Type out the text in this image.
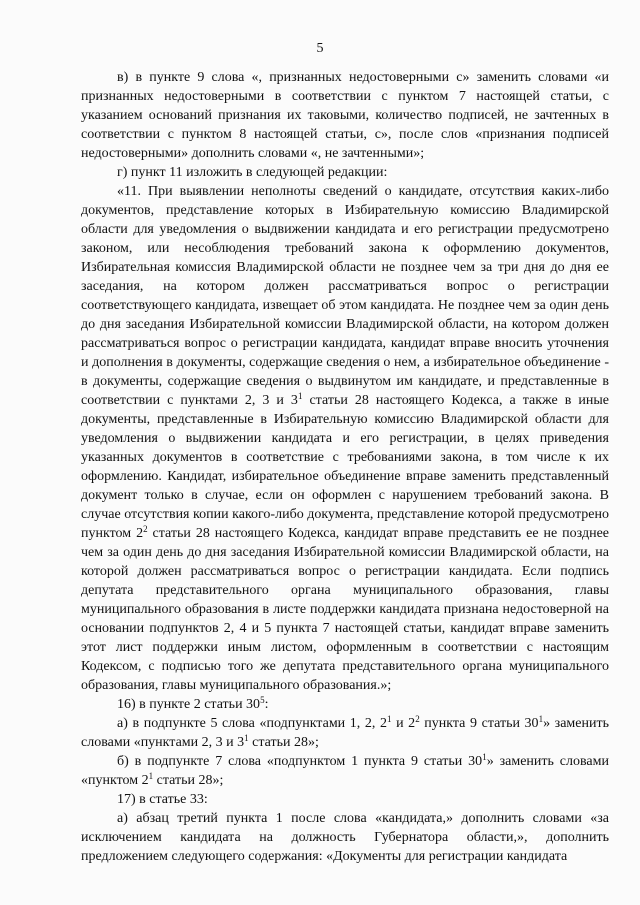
5

в) в пункте 9 слова «, признанных недостоверными с» заменить словами «и признанных недостоверными в соответствии с пунктом 7 настоящей статьи, с указанием оснований признания их таковыми, количество подписей, не зачтенных в соответствии с пунктом 8 настоящей статьи, с», после слов «признания подписей недостоверными» дополнить словами «, не зачтенными»;

г) пункт 11 изложить в следующей редакции:

«11. При выявлении неполноты сведений о кандидате, отсутствия каких-либо документов, представление которых в Избирательную комиссию Владимирской области для уведомления о выдвижении кандидата и его регистрации предусмотрено законом, или несоблюдения требований закона к оформлению документов, Избирательная комиссия Владимирской области не позднее чем за три дня до дня ее заседания, на котором должен рассматриваться вопрос о регистрации соответствующего кандидата, извещает об этом кандидата. Не позднее чем за один день до дня заседания Избирательной комиссии Владимирской области, на котором должен рассматриваться вопрос о регистрации кандидата, кандидат вправе вносить уточнения и дополнения в документы, содержащие сведения о нем, а избирательное объединение - в документы, содержащие сведения о выдвинутом им кандидате, и представленные в соответствии с пунктами 2, 3 и $3^1$ статьи 28 настоящего Кодекса, а также в иные документы, представленные в Избирательную комиссию Владимирской области для уведомления о выдвижении кандидата и его регистрации, в целях приведения указанных документов в соответствие с требованиями закона, в том числе к их оформлению. Кандидат, избирательное объединение вправе заменить представленный документ только в случае, если он оформлен с нарушением требований закона. В случае отсутствия копии какого-либо документа, представление которой предусмотрено пунктом $2^2$ статьи 28 настоящего Кодекса, кандидат вправе представить ее не позднее чем за один день до дня заседания Избирательной комиссии Владимирской области, на которой должен рассматриваться вопрос о регистрации кандидата. Если подпись депутата представительного органа муниципального образования, главы муниципального образования в листе поддержки кандидата признана недостоверной на основании подпунктов 2, 4 и 5 пункта 7 настоящей статьи, кандидат вправе заменить этот лист поддержки иным листом, оформленным в соответствии с настоящим Кодексом, с подписью того же депутата представительного органа муниципального образования, главы муниципального образования.»;

16) в пункте 2 статьи $30^5$:

а) в подпункте 5 слова «подпунктами 1, 2, $2^1$ и $2^2$ пункта 9 статьи $30^1$» заменить словами «пунктами 2, 3 и $3^1$ статьи 28»;

б) в подпункте 7 слова «подпунктом 1 пункта 9 статьи $30^1$» заменить словами «пунктом $2^1$ статьи 28»;

17) в статье 33:

а) абзац третий пункта 1 после слова «кандидата,» дополнить словами «за исключением кандидата на должность Губернатора области,», дополнить предложением следующего содержания: «Документы для регистрации кандидата
